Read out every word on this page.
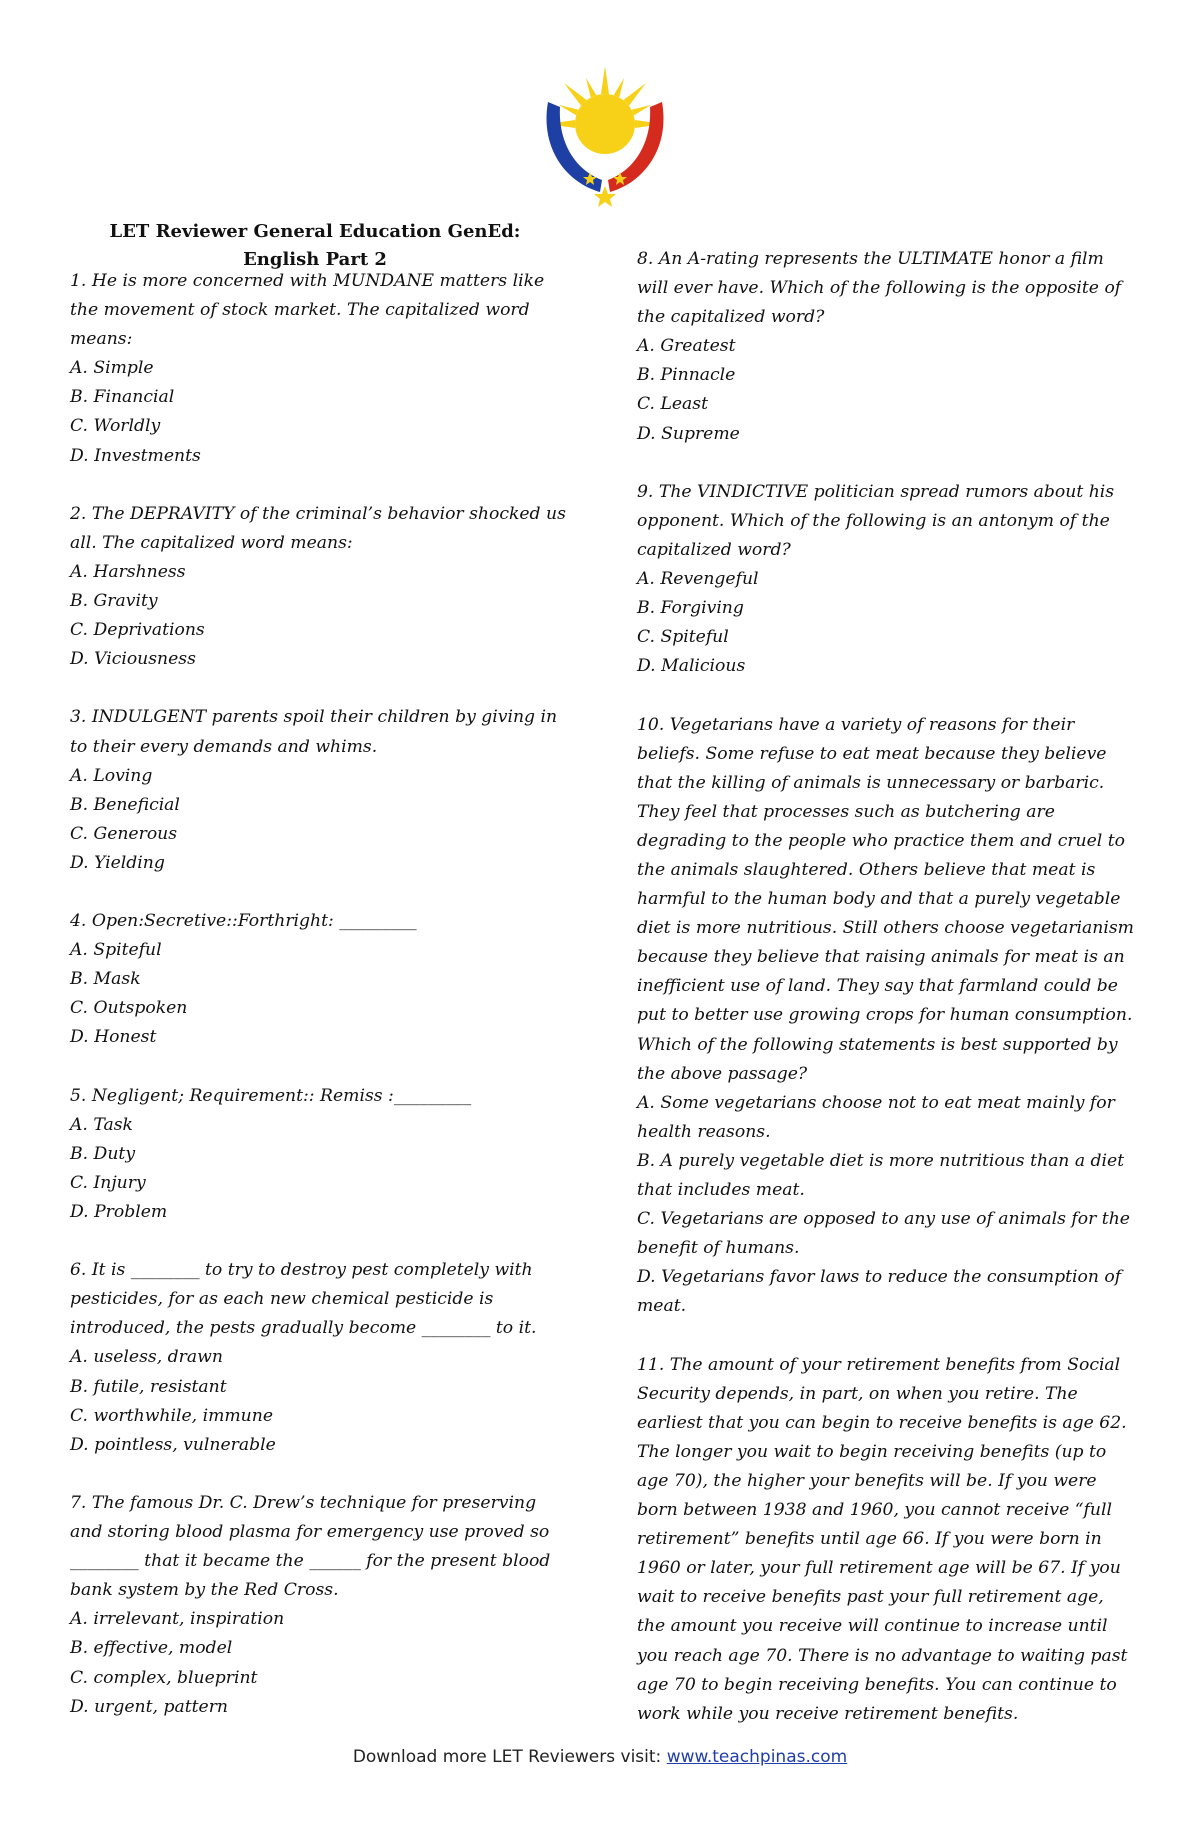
LET Reviewer General Education GenEd:
English Part 2

1. He is more concerned with MUNDANE matters like the movement of stock market. The capitalized word means:

A. Simple

B. Financial

C. Worldly

D. Investments

2. The DEPRAVITY of the criminal’s behavior shocked us all. The capitalized word means:

A. Harshness

B. Gravity

C. Deprivations

D. Viciousness

3. INDULGENT parents spoil their children by giving in to their every demands and whims.

A. Loving

B. Beneficial

C. Generous

D. Yielding

4. Open:Secretive::Forthright: _________

A. Spiteful

B. Mask

C. Outspoken

D. Honest

5. Negligent; Requirement:: Remiss :_________

A. Task

B. Duty

C. Injury

D. Problem

6. It is ________ to try to destroy pest completely with pesticides, for as each new chemical pesticide is introduced, the pests gradually become ________ to it.

A. useless, drawn

B. futile, resistant

C. worthwhile, immune

D. pointless, vulnerable

7. The famous Dr. C. Drew’s technique for preserving and storing blood plasma for emergency use proved so ________ that it became the ______ for the present blood bank system by the Red Cross.

A. irrelevant, inspiration

B. effective, model

C. complex, blueprint

D. urgent, pattern

8. An A-rating represents the ULTIMATE honor a film will ever have. Which of the following is the opposite of the capitalized word?

A. Greatest

B. Pinnacle

C. Least

D. Supreme

9. The VINDICTIVE politician spread rumors about his opponent. Which of the following is an antonym of the capitalized word?

A. Revengeful

B. Forgiving

C. Spiteful

D. Malicious

10. Vegetarians have a variety of reasons for their beliefs. Some refuse to eat meat because they believe that the killing of animals is unnecessary or barbaric. They feel that processes such as butchering are degrading to the people who practice them and cruel to the animals slaughtered. Others believe that meat is harmful to the human body and that a purely vegetable diet is more nutritious. Still others choose vegetarianism because they believe that raising animals for meat is an inefficient use of land. They say that farmland could be put to better use growing crops for human consumption. Which of the following statements is best supported by the above passage?

A. Some vegetarians choose not to eat meat mainly for health reasons.

B. A purely vegetable diet is more nutritious than a diet that includes meat.

C. Vegetarians are opposed to any use of animals for the benefit of humans.

D. Vegetarians favor laws to reduce the consumption of meat.

11. The amount of your retirement benefits from Social Security depends, in part, on when you retire. The earliest that you can begin to receive benefits is age 62. The longer you wait to begin receiving benefits (up to age 70), the higher your benefits will be. If you were born between 1938 and 1960, you cannot receive “full retirement” benefits until age 66. If you were born in 1960 or later, your full retirement age will be 67. If you wait to receive benefits past your full retirement age, the amount you receive will continue to increase until you reach age 70. There is no advantage to waiting past age 70 to begin receiving benefits. You can continue to work while you receive retirement benefits.

Download more LET Reviewers visit: www.teachpinas.com
